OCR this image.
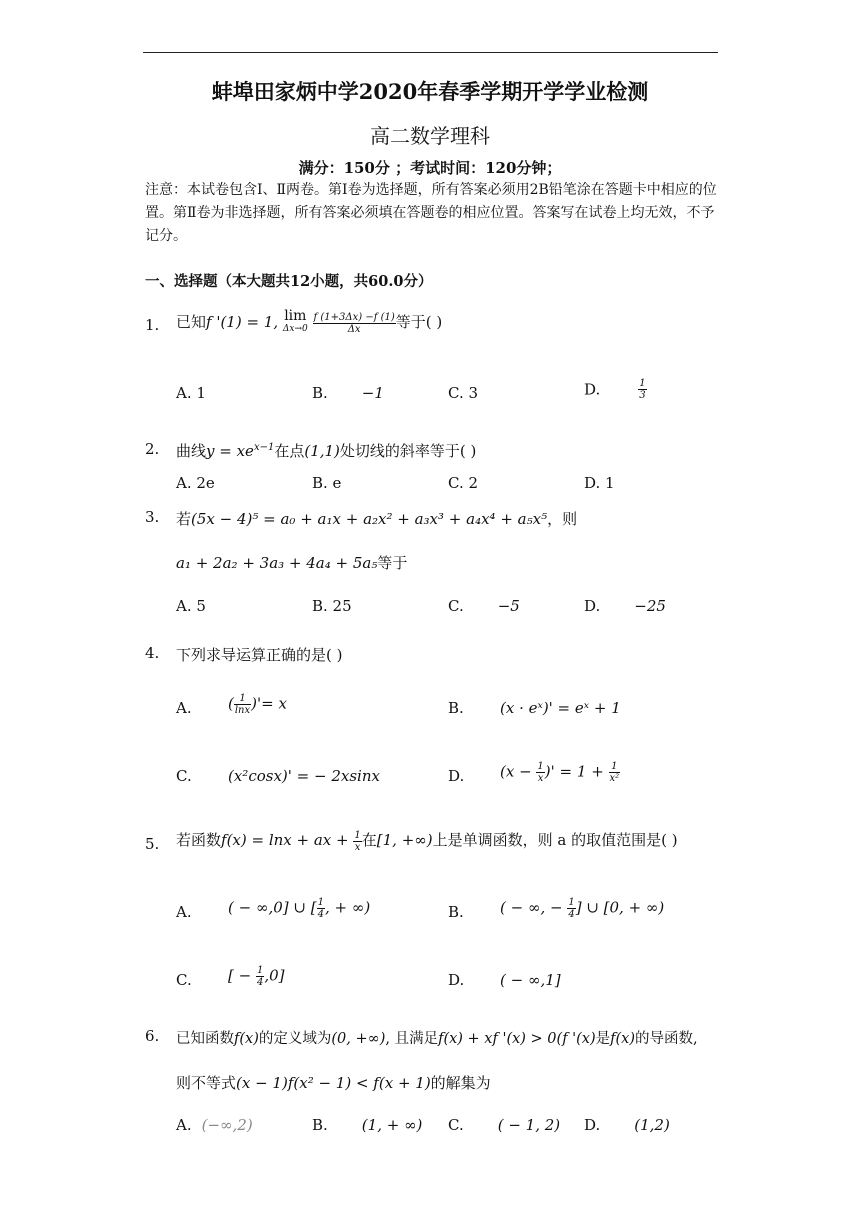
蚌埠田家炳中学2020年春季学期开学学业检测
高二数学理科
满分：150分 ；考试时间：120分钟；
注意：本试卷包含Ⅰ、Ⅱ两卷。第Ⅰ卷为选择题，所有答案必须用2B铅笔涂在答题卡中相应的位置。第Ⅱ卷为非选择题，所有答案必须填在答题卷的相应位置。答案写在试卷上均无效，不予记分。
一、选择题（本大题共12小题，共60.0分）
1. 已知f '(1) = 1, lim
Δx→0
$\frac{f (1+3\Delta x) -f (1)}{\Delta x}$ 等于( )
A. 1	B. −1	C. 3	D.	$\frac{1}{3}$
2. 曲线$y = xe^{x-1}$在点(1,1)处切线的斜率等于( )
A. 2e	B. e	C. 2	D. 1
3. 若(5x − 4)⁵ = a₀ + a₁x + a₂x² + a₃x³ + a₄x⁴ + a₅x⁵，则
a₁ + 2a₂ + 3a₃ + 4a₄ + 5a₅等于
A. 5	B. 25	C. −5	D. −25
4. 下列求导运算正确的是( )
A. ( $\frac{1}{\ln x}$ )'= x	B. (x · eˣ)' = eˣ + 1
C. (x²cosx)' = − 2xsinx	D. ($x - \frac{1}{x}$ )' = $1 + \frac{1}{\text{x²}}$
5. 若函数f(x) = lnx + ax + $\frac{1}{x}$ 在[1, +∞)上是单调函数，则 a 的取值范围是( )
A. ( − ∞,0] ∪ [ $\frac{1}{4}$ , + ∞)	B. ( − ∞, − $\frac{1}{4}$ ] ∪ [0, + ∞)
C. [ − $\frac{1}{4} ,0$]	D. ( − ∞,1]
6. 已知函数f(x)的定义域为(0, +∞), 且满足f(x) + xf '(x) > 0(f '(x)是f(x)的导函数,
则不等式(x − 1)f(x² − 1) < f(x + 1)的解集为
A. (−∞,2)	B. (1, + ∞) C. ( − 1, 2) D. (1,2)
